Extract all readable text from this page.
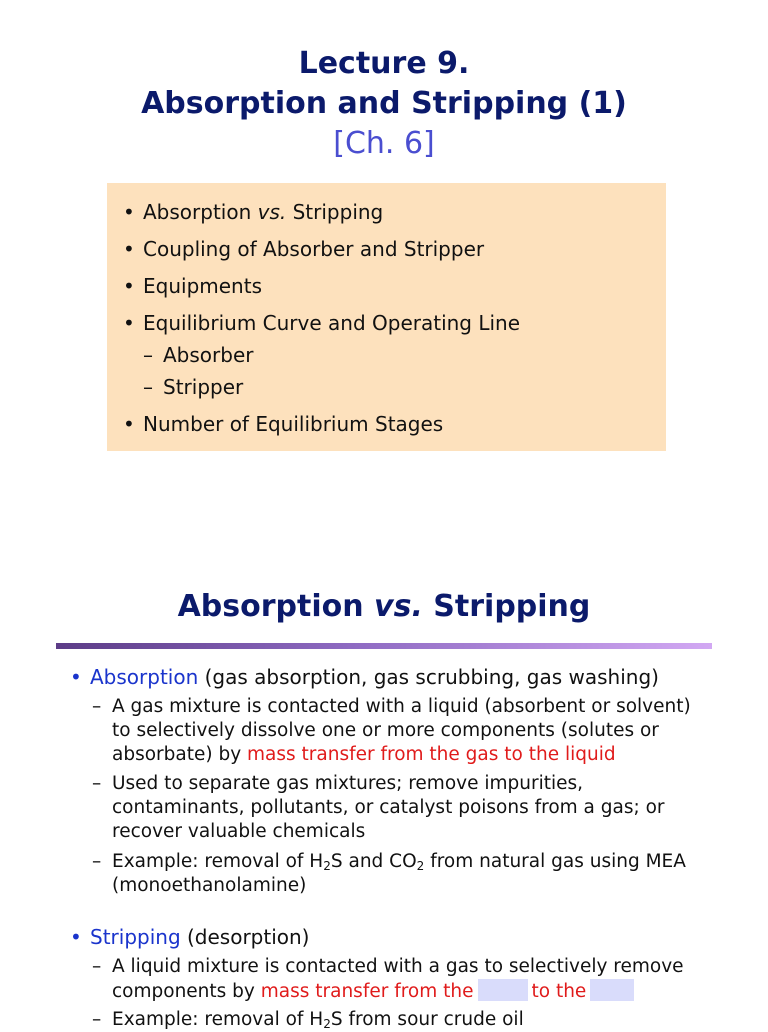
Lecture 9.
Absorption and Stripping (1)
[Ch. 6]
• Absorption vs. Stripping
• Coupling of Absorber and Stripper
• Equipments
• Equilibrium Curve and Operating Line
– Absorber
– Stripper
• Number of Equilibrium Stages
Absorption vs. Stripping
• Absorption (gas absorption, gas scrubbing, gas washing)
– A gas mixture is contacted with a liquid (absorbent or solvent)
to selectively dissolve one or more components (solutes or
absorbate) by mass transfer from the gas to the liquid
– Used to separate gas mixtures; remove impurities,
contaminants, pollutants, or catalyst poisons from a gas; or
recover valuable chemicals
– Example: removal of $H_2S$ and $CO_2$ from natural gas using MEA
(monoethanolamine)
• Stripping (desorption)
– A liquid mixture is contacted with a gas to selectively remove
components by mass transfer from the	to the
– Example: removal of $H_2S$ from sour crude oil
